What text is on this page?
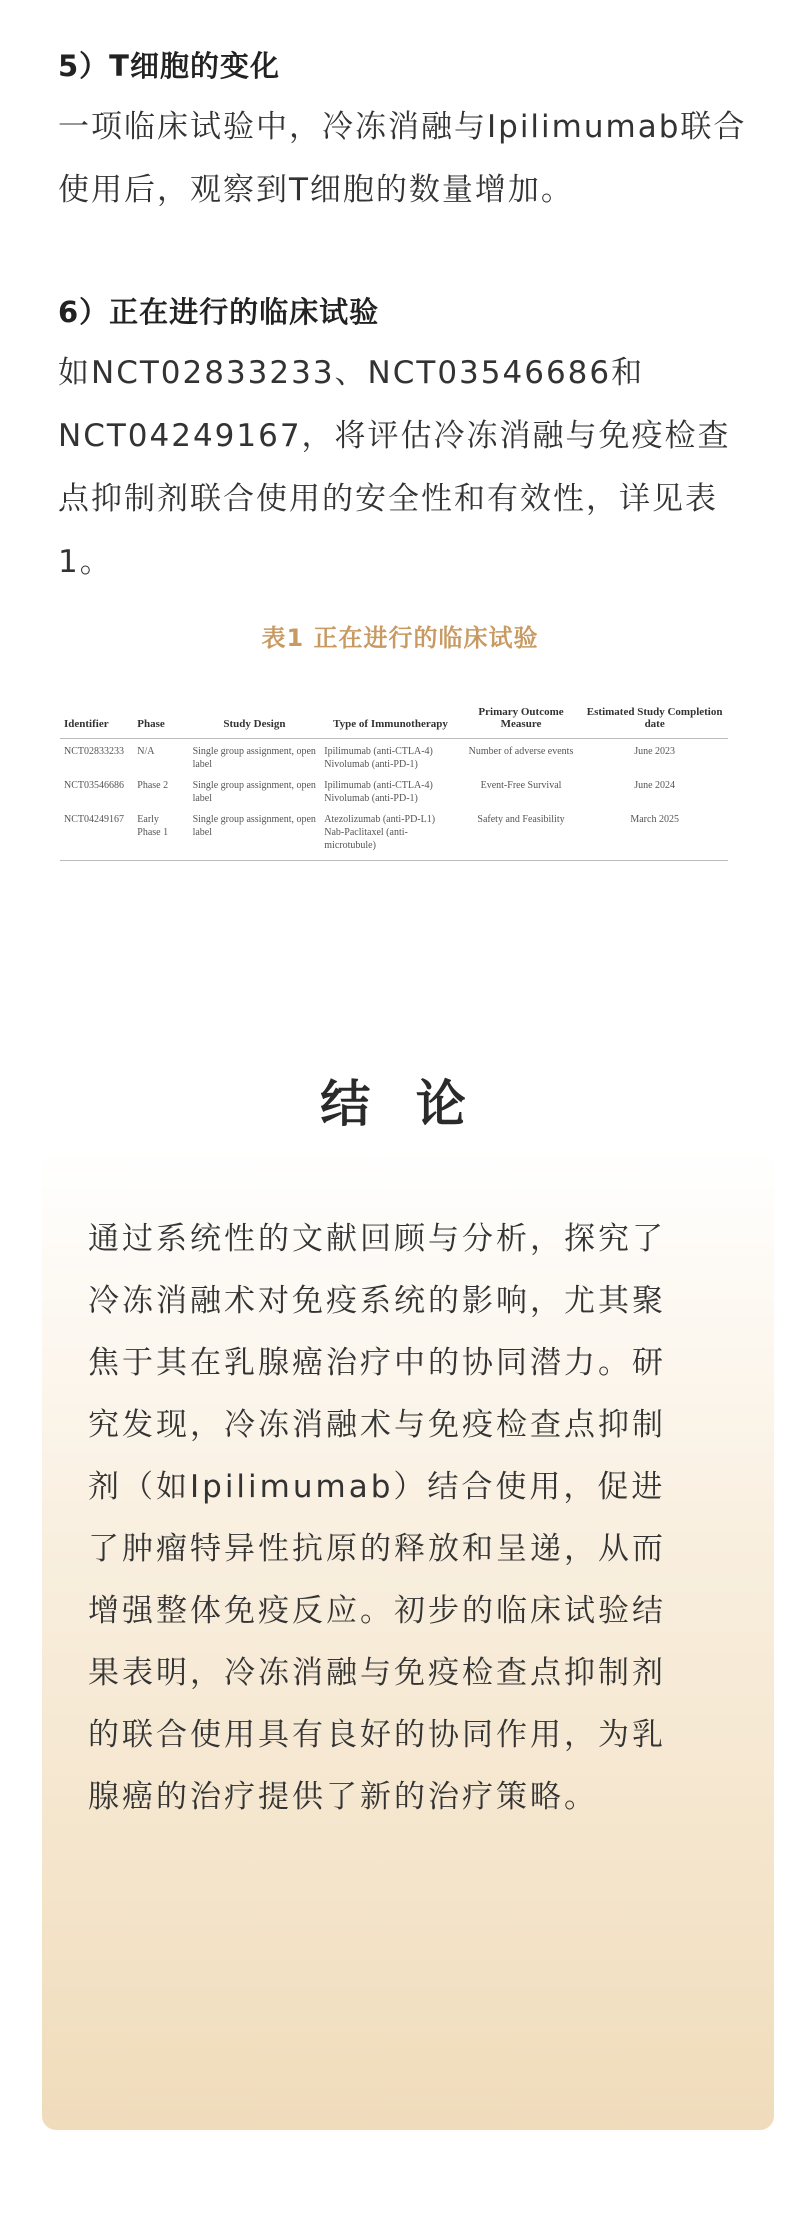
5）T细胞的变化
一项临床试验中，冷冻消融与Ipilimumab联合使用后，观察到T细胞的数量增加。
6）正在进行的临床试验
如NCT02833233、NCT03546686和NCT04249167，将评估冷冻消融与免疫检查点抑制剂联合使用的安全性和有效性，详见表1。
表1 正在进行的临床试验
Identifier	Phase	Study Design	Type of Immunotherapy	Primary Outcome Measure	Estimated Study Completion date
NCT02833233	N/A	Single group assignment, open label	Ipilimumab (anti-CTLA-4) Nivolumab (anti-PD-1)	Number of adverse events	June 2023
NCT03546686	Phase 2	Single group assignment, open label	Ipilimumab (anti-CTLA-4) Nivolumab (anti-PD-1)	Event-Free Survival	June 2024
NCT04249167	Early Phase 1	Single group assignment, open label	Atezolizumab (anti-PD-L1) Nab-Paclitaxel (anti-microtubule)	Safety and Feasibility	March 2025
结 论
通过系统性的文献回顾与分析，探究了冷冻消融术对免疫系统的影响，尤其聚焦于其在乳腺癌治疗中的协同潜力。研究发现，冷冻消融术与免疫检查点抑制剂（如Ipilimumab）结合使用，促进了肿瘤特异性抗原的释放和呈递，从而增强整体免疫反应。初步的临床试验结果表明，冷冻消融与免疫检查点抑制剂的联合使用具有良好的协同作用，为乳腺癌的治疗提供了新的治疗策略。
